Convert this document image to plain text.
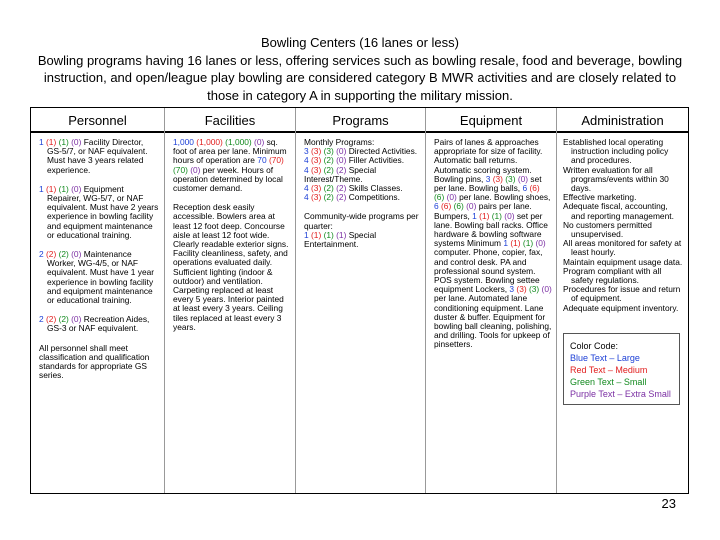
Bowling Centers (16 lanes or less)
Bowling programs having 16 lanes or less, offering services such as bowling resale, food and beverage, bowling instruction, and open/league play bowling are considered category B MWR activities and are closely related to those in category A in supporting the military mission.
Personnel

1 (1) (1) (0) Facility Director, GS-5/7, or NAF equivalent. Must have 3 years related experience.

1 (1) (1) (0) Equipment Repairer, WG-5/7, or NAF equivalent. Must have 2 years experience in bowling facility and equipment maintenance or educational training.

2 (2) (2) (0) Maintenance Worker, WG-4/5, or NAF equivalent. Must have 1 year experience in bowling facility and equipment maintenance or educational training.

2 (2) (2) (0) Recreation Aides, GS-3 or NAF equivalent.

All personnel shall meet classification and qualification standards for appropriate GS series.

Facilities

1,000 (1,000) (1,000) (0) sq. foot of area per lane. Minimum hours of operation are 70 (70) (70) (0) per week. Hours of operation determined by local customer demand.

Reception desk easily accessible. Bowlers area at least 12 foot deep. Concourse aisle at least 12 foot wide. Clearly readable exterior signs. Facility cleanliness, safety, and operations evaluated daily. Sufficient lighting (indoor & outdoor) and ventilation. Carpeting replaced at least every 5 years. Interior painted at least every 3 years. Ceiling tiles replaced at least every 3 years.

Programs
Monthly Programs:
3 (3) (3) (0) Directed Activities.
4 (3) (2) (0) Filler Activities.
4 (3) (2) (2) Special Interest/Theme.
4 (3) (2) (2) Skills Classes.
4 (3) (2) (2) Competitions.
Community-wide programs per quarter:
1 (1) (1) (1) Special Entertainment.
Equipment

Pairs of lanes & approaches appropriate for size of facility. Automatic ball returns. Automatic scoring system. Bowling pins, 3 (3) (3) (0) set per lane. Bowling balls, 6 (6) (6) (0) per lane. Bowling shoes, 6 (6) (6) (0) pairs per lane. Bumpers, 1 (1) (1) (0) set per lane. Bowling ball racks. Office hardware & bowling software systems Minimum 1 (1) (1) (0) computer. Phone, copier, fax, and control desk. PA and professional sound system. POS system. Bowling settee equipment Lockers, 3 (3) (3) (0) per lane. Automated lane conditioning equipment. Lane duster & buffer. Equipment for bowling ball cleaning, polishing, and drilling. Tools for upkeep of pinsetters.

Administration
Established local operating instruction including policy and procedures.
Written evaluation for all programs/events within 30 days.
Effective marketing.
Adequate fiscal, accounting, and reporting management.
No customers permitted unsupervised.
All areas monitored for safety at least hourly.
Maintain equipment usage data.
Program compliant with all safety regulations.
Procedures for issue and return of equipment.
Adequate equipment inventory.
Color Code:
Blue Text – Large
Red Text – Medium
Green Text – Small
Purple Text – Extra Small
23
